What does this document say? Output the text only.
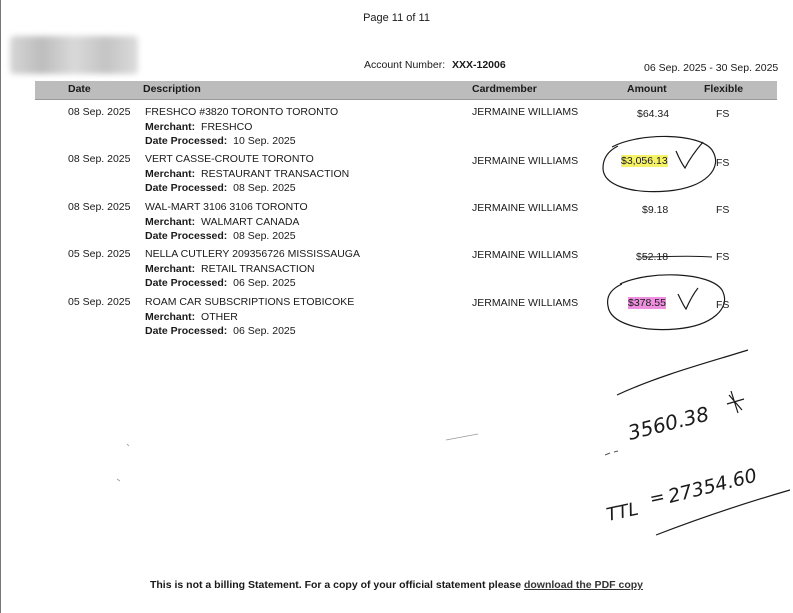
Page 11 of 11
Account Number: XXX-12006	06 Sep. 2025 - 30 Sep. 2025
Date	Description	Cardmember	Amount	Flexible
08 Sep. 2025 FRESHCO #3820 TORONTO TORONTO
Merchant: FRESHCO
Date Processed: 10 Sep. 2025
JERMAINE WILLIAMS	$64.34	FS
08 Sep. 2025 VERT CASSE-CROUTE TORONTO
Merchant: RESTAURANT TRANSACTION
Date Processed: 08 Sep. 2025
JERMAINE WILLIAMS	$3,056.13	FS
08 Sep. 2025 WAL-MART 3106 3106 TORONTO
Merchant: WALMART CANADA
Date Processed: 08 Sep. 2025
JERMAINE WILLIAMS	$9.18	FS
05 Sep. 2025 NELLA CUTLERY 209356726 MISSISSAUGA
Merchant: RETAIL TRANSACTION
Date Processed: 06 Sep. 2025
JERMAINE WILLIAMS	$52.18	FS
05 Sep. 2025 ROAM CAR SUBSCRIPTIONS ETOBICOKE
Merchant: OTHER
Date Processed: 06 Sep. 2025
JERMAINE WILLIAMS	$378.55	FS
3560.38
TTL
= 27354.60
This is not a billing Statement. For a copy of your official statement please download the PDF copy
